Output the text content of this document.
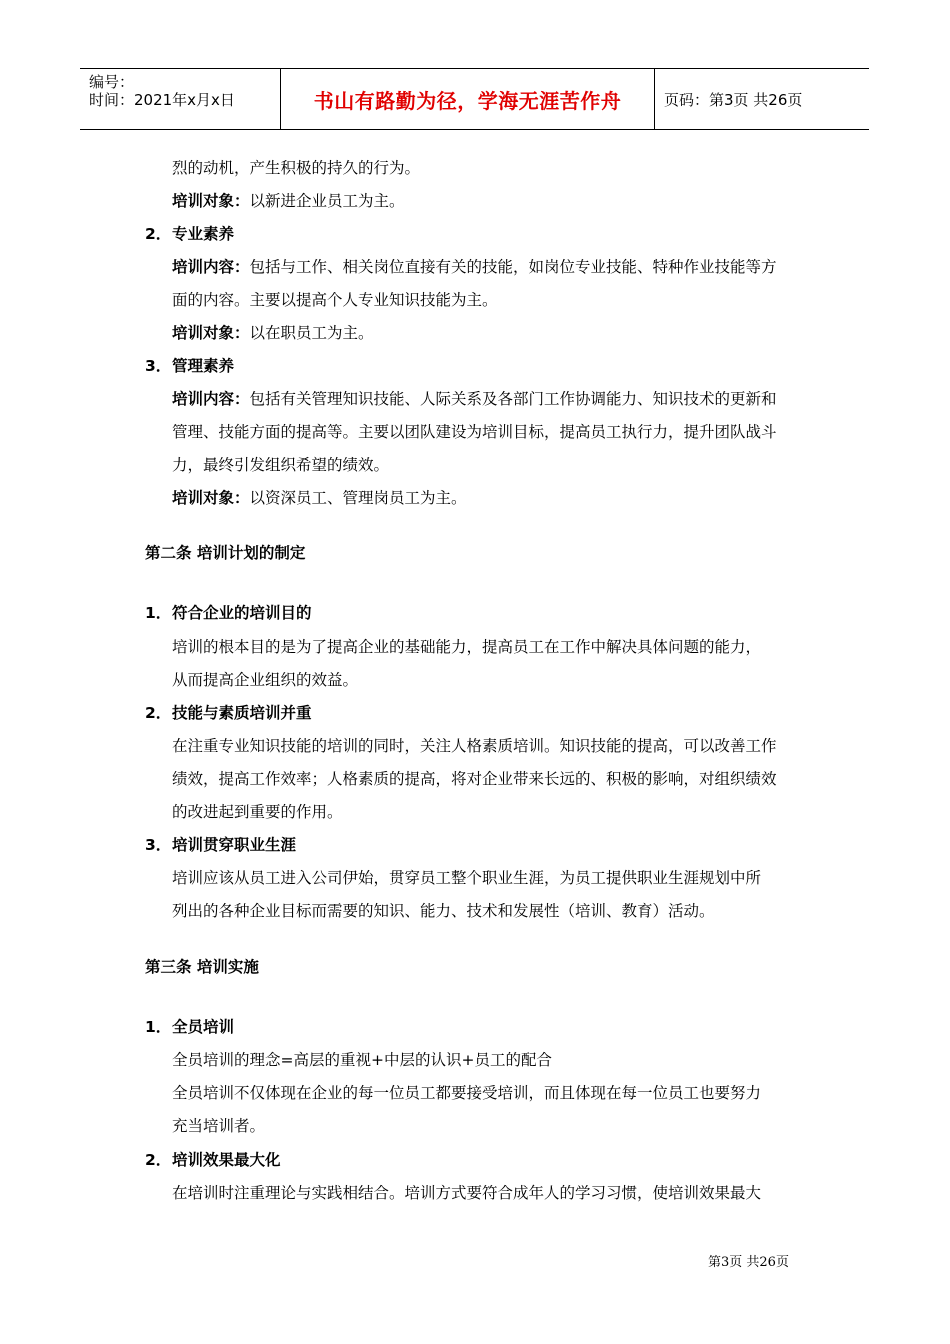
编号：
时间：2021年x月x日	书山有路勤为径，学海无涯苦作舟	页码：第3页 共26页
烈的动机，产生积极的持久的行为。
培训对象：以新进企业员工为主。
2．专业素养
培训内容：包括与工作、相关岗位直接有关的技能，如岗位专业技能、特种作业技能等方
面的内容。主要以提高个人专业知识技能为主。
培训对象：以在职员工为主。
3．管理素养
培训内容：包括有关管理知识技能、人际关系及各部门工作协调能力、知识技术的更新和
管理、技能方面的提高等。主要以团队建设为培训目标，提高员工执行力，提升团队战斗
力，最终引发组织希望的绩效。
培训对象：以资深员工、管理岗员工为主。
第二条 培训计划的制定
1．符合企业的培训目的
培训的根本目的是为了提高企业的基础能力，提高员工在工作中解决具体问题的能力，
从而提高企业组织的效益。
2．技能与素质培训并重
在注重专业知识技能的培训的同时，关注人格素质培训。知识技能的提高，可以改善工作
绩效，提高工作效率；人格素质的提高，将对企业带来长远的、积极的影响，对组织绩效
的改进起到重要的作用。
3．培训贯穿职业生涯
培训应该从员工进入公司伊始，贯穿员工整个职业生涯，为员工提供职业生涯规划中所
列出的各种企业目标而需要的知识、能力、技术和发展性（培训、教育）活动。
第三条 培训实施
1．全员培训
全员培训的理念=高层的重视+中层的认识+员工的配合
全员培训不仅体现在企业的每一位员工都要接受培训，而且体现在每一位员工也要努力
充当培训者。
2．培训效果最大化
在培训时注重理论与实践相结合。培训方式要符合成年人的学习习惯，使培训效果最大
第3页 共26页
